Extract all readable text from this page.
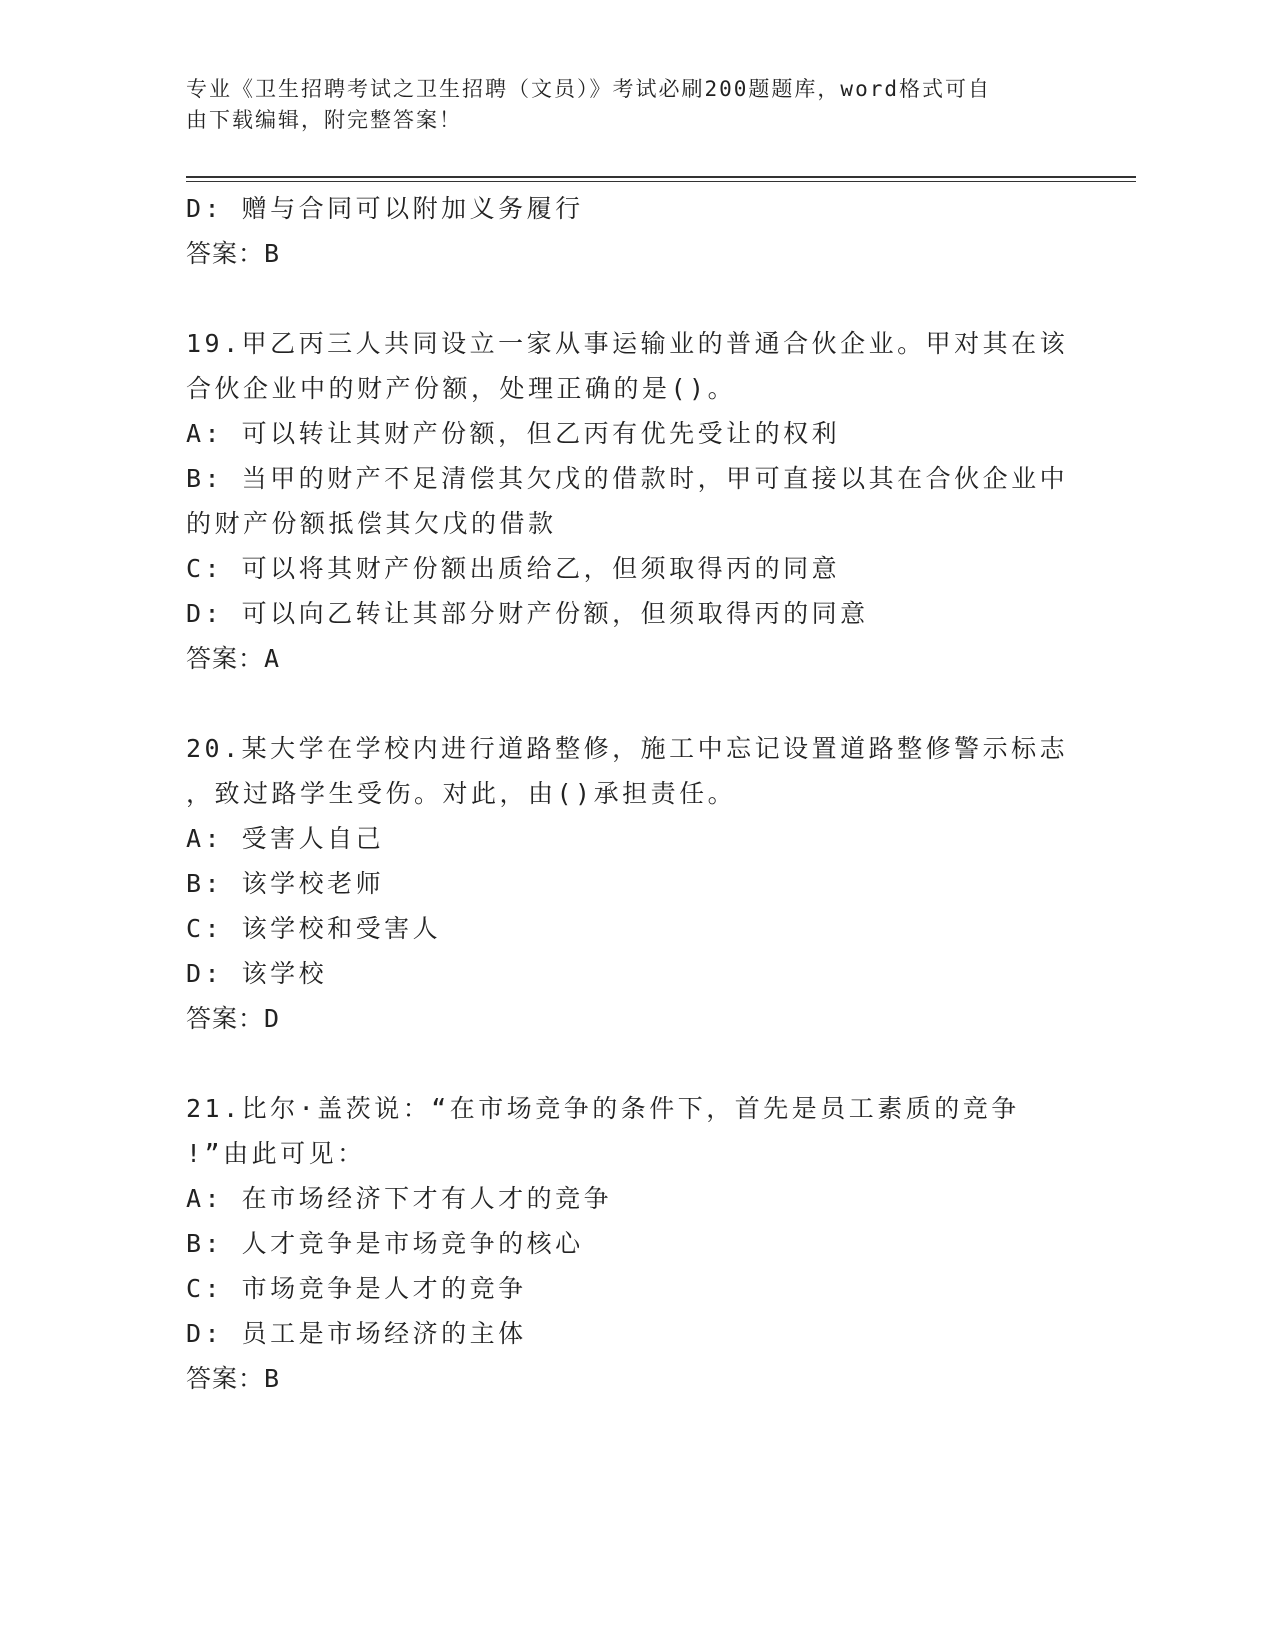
专业《卫生招聘考试之卫生招聘（文员）》考试必刷200题题库，word格式可自
由下载编辑，附完整答案！
D: 赠与合同可以附加义务履行
答案：B
19.甲乙丙三人共同设立一家从事运输业的普通合伙企业。甲对其在该
合伙企业中的财产份额，处理正确的是()。
A: 可以转让其财产份额，但乙丙有优先受让的权利
B: 当甲的财产不足清偿其欠戊的借款时，甲可直接以其在合伙企业中
的财产份额抵偿其欠戊的借款
C: 可以将其财产份额出质给乙，但须取得丙的同意
D: 可以向乙转让其部分财产份额，但须取得丙的同意
答案：A
20.某大学在学校内进行道路整修，施工中忘记设置道路整修警示标志
，致过路学生受伤。对此，由()承担责任。
A: 受害人自己
B: 该学校老师
C: 该学校和受害人
D: 该学校
答案：D
21.比尔·盖茨说：“在市场竞争的条件下，首先是员工素质的竞争
!”由此可见：
A: 在市场经济下才有人才的竞争
B: 人才竞争是市场竞争的核心
C: 市场竞争是人才的竞争
D: 员工是市场经济的主体
答案：B
